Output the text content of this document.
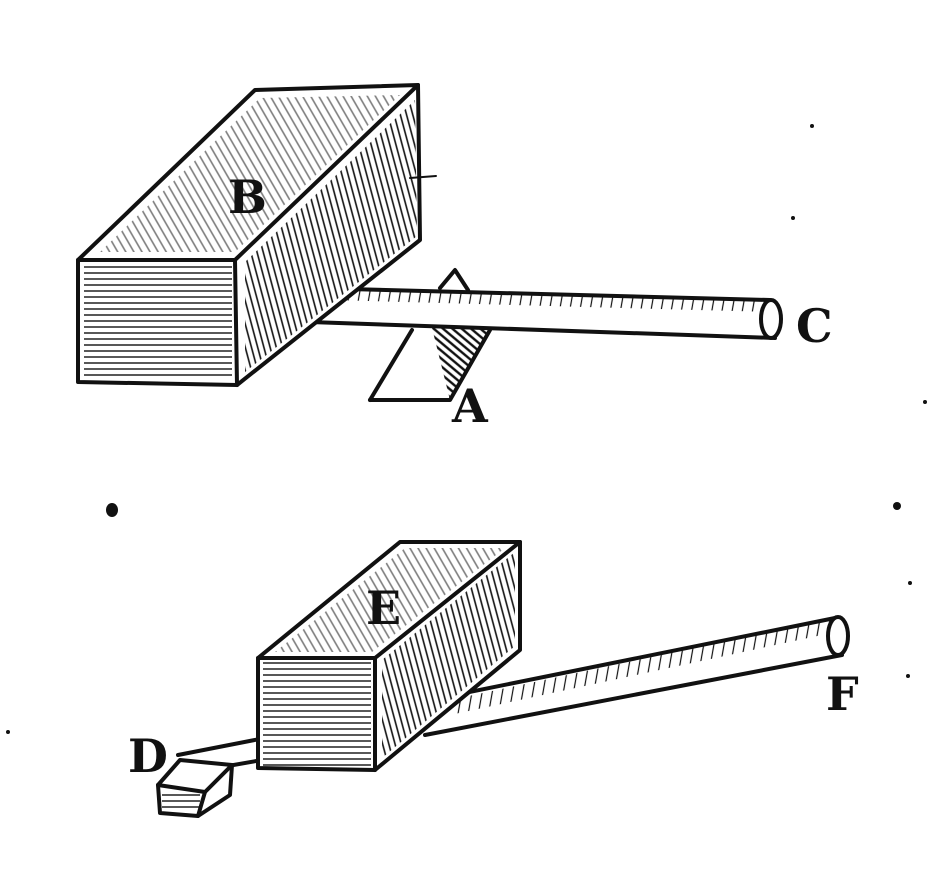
B
C
A
E
F
D
